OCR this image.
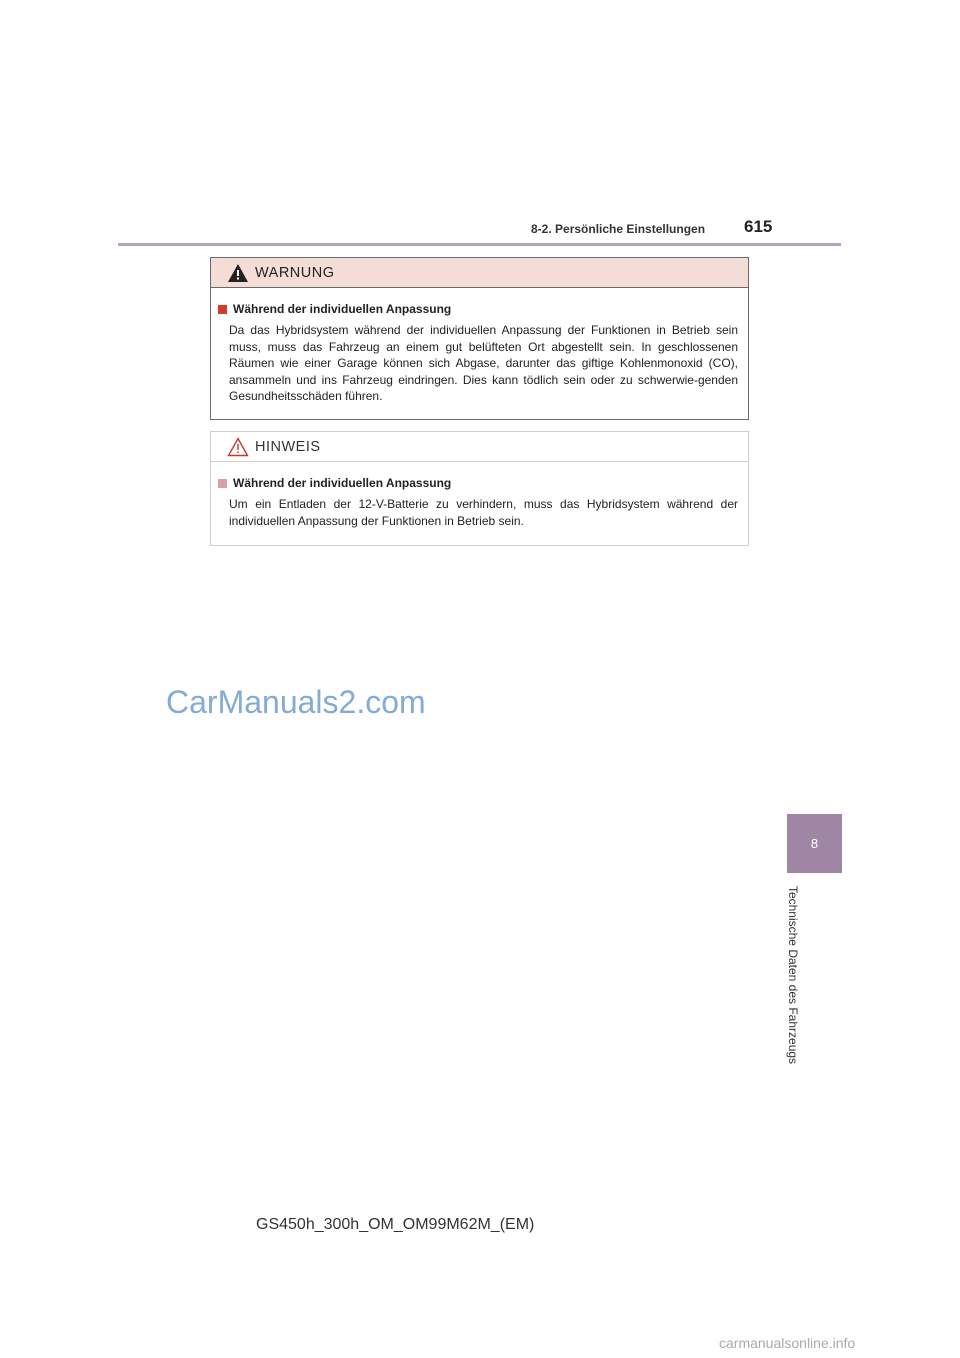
8-2. Persönliche Einstellungen 615
WARNUNG
Während der individuellen Anpassung
Da das Hybridsystem während der individuellen Anpassung der Funktionen in Betrieb sein muss, muss das Fahrzeug an einem gut belüfteten Ort abgestellt sein. In geschlossenen Räumen wie einer Garage können sich Abgase, darunter das giftige Kohlenmonoxid (CO), ansammeln und ins Fahrzeug eindringen. Dies kann tödlich sein oder zu schwerwie-genden Gesundheitsschäden führen.
HINWEIS
Während der individuellen Anpassung
Um ein Entladen der 12-V-Batterie zu verhindern, muss das Hybridsystem während der individuellen Anpassung der Funktionen in Betrieb sein.
8
Technische Daten des Fahrzeugs
CarManuals2.com
GS450h_300h_OM_OM99M62M_(EM)
carmanualsonline.info
